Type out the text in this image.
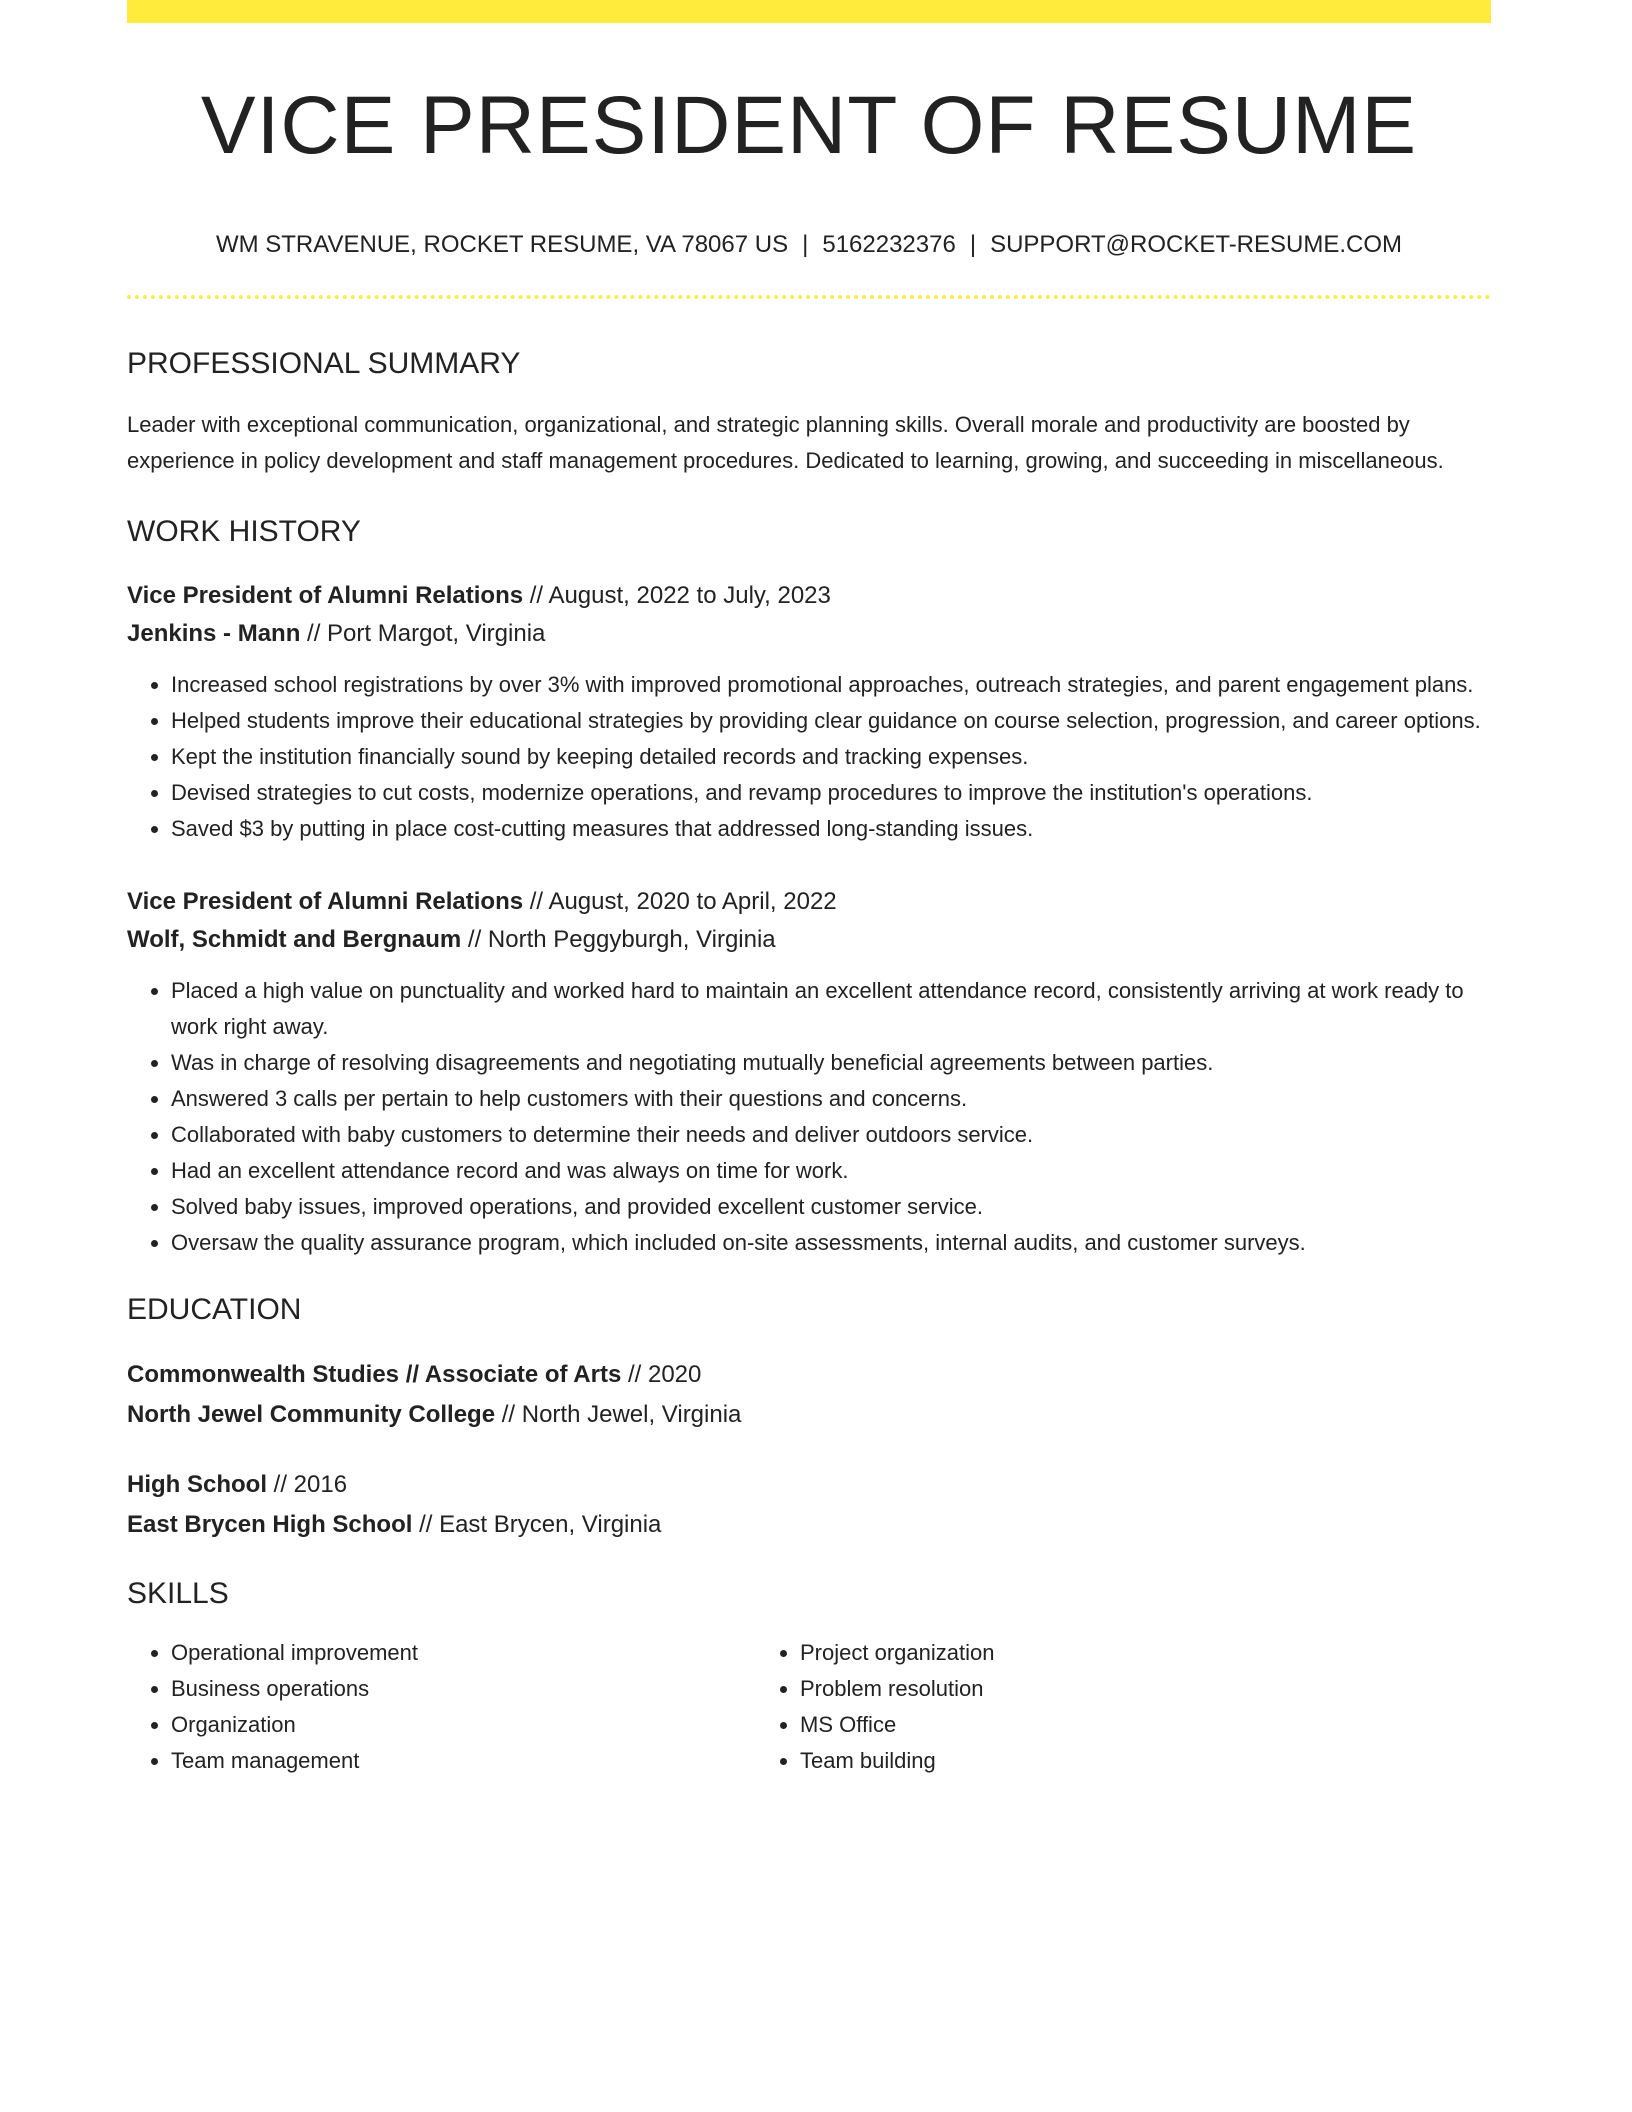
VICE PRESIDENT OF RESUME
WM STRAVENUE, ROCKET RESUME, VA 78067 US | 5162232376 | SUPPORT@ROCKET-RESUME.COM
PROFESSIONAL SUMMARY

Leader with exceptional communication, organizational, and strategic planning skills. Overall morale and productivity are boosted by experience in policy development and staff management procedures. Dedicated to learning, growing, and succeeding in miscellaneous.

WORK HISTORY
Vice President of Alumni Relations // August, 2022 to July, 2023
Jenkins - Mann // Port Margot, Virginia
• Increased school registrations by over 3% with improved promotional approaches, outreach strategies, and parent engagement plans.
• Helped students improve their educational strategies by providing clear guidance on course selection, progression, and career options.
• Kept the institution financially sound by keeping detailed records and tracking expenses.
• Devised strategies to cut costs, modernize operations, and revamp procedures to improve the institution's operations.
• Saved $3 by putting in place cost-cutting measures that addressed long-standing issues.
Vice President of Alumni Relations // August, 2020 to April, 2022
Wolf, Schmidt and Bergnaum // North Peggyburgh, Virginia
• Placed a high value on punctuality and worked hard to maintain an excellent attendance record, consistently arriving at work ready to work right away.
• Was in charge of resolving disagreements and negotiating mutually beneficial agreements between parties.
• Answered 3 calls per pertain to help customers with their questions and concerns.
• Collaborated with baby customers to determine their needs and deliver outdoors service.
• Had an excellent attendance record and was always on time for work.
• Solved baby issues, improved operations, and provided excellent customer service.
• Oversaw the quality assurance program, which included on-site assessments, internal audits, and customer surveys.
EDUCATION
Commonwealth Studies // Associate of Arts // 2020
North Jewel Community College // North Jewel, Virginia
High School // 2016
East Brycen High School // East Brycen, Virginia
SKILLS
• Operational improvement
• Business operations
• Organization
• Team management
• Project organization
• Problem resolution
• MS Office
• Team building
